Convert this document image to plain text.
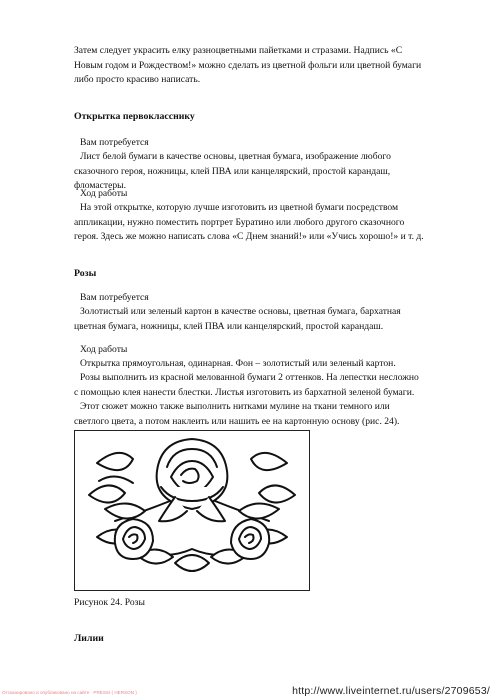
Затем следует украсить елку разноцветными пайетками и стразами. Надпись «С Новым годом и Рождеством!» можно сделать из цветной фольги или цветной бумаги либо просто красиво написать.

Открытка первокласснику

Вам потребуется

Лист белой бумаги в качестве основы, цветная бумага, изображение любого сказочного героя, ножницы, клей ПВА или канцелярский, простой карандаш, фломастеры.

Ход работы

На этой открытке, которую лучше изготовить из цветной бумаги посредством аппликации, нужно поместить портрет Буратино или любого другого сказочного героя. Здесь же можно написать слова «С Днем знаний!» или «Учись хорошо!» и т. д.

Розы

Вам потребуется

Золотистый или зеленый картон в качестве основы, цветная бумага, бархатная цветная бумага, ножницы, клей ПВА или канцелярский, простой карандаш.

Ход работы

Открытка прямоугольная, одинарная. Фон – золотистый или зеленый картон.

Розы выполнить из красной мелованной бумаги 2 оттенков. На лепестки несложно с помощью клея нанести блестки. Листья изготовить из бархатной зеленой бумаги.

Этот сюжет можно также выполнить нитками мулине на ткани темного или светлого цвета, а потом наклеить или нашить ее на картонную основу (рис. 24).

Рисунок 24. Розы

Лилии

Отсканировано и опубликовано на сайте · PRESSI ( HERSON )	http://www.liveinternet.ru/users/2709653/
